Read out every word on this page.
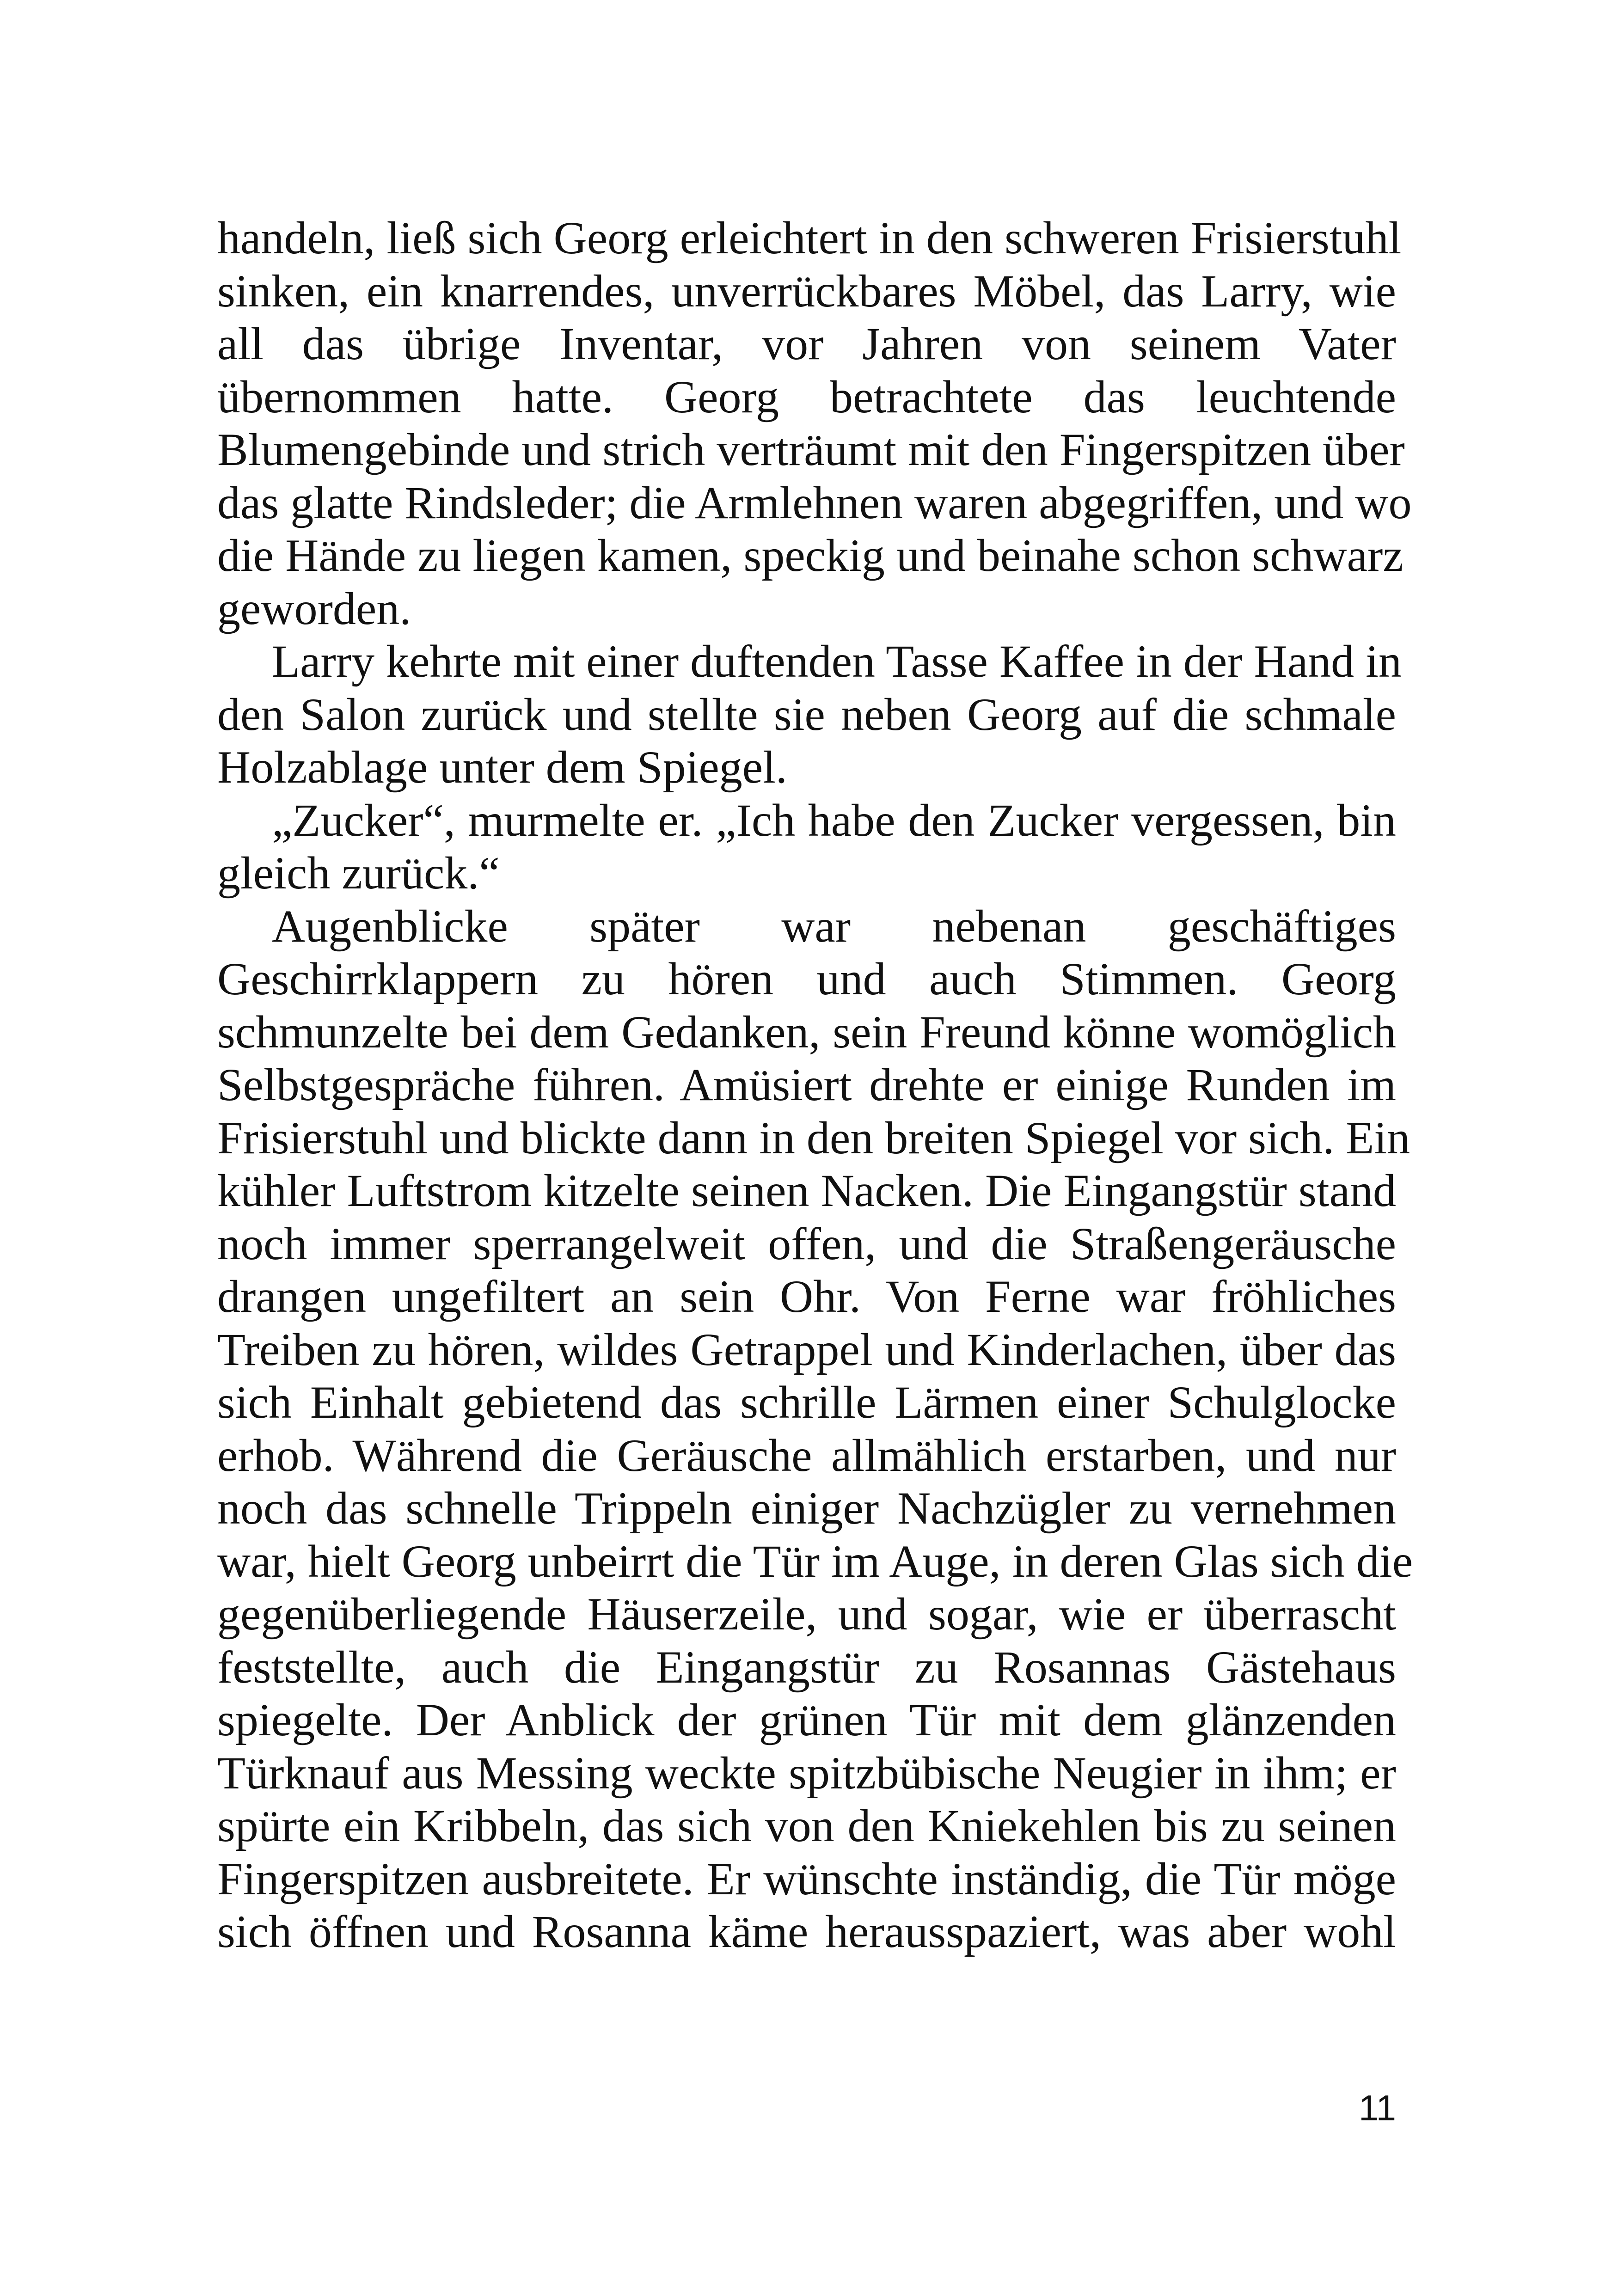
handeln, ließ sich Georg erleichtert in den schweren Frisierstuhl
sinken, ein knarrendes, unverrückbares Möbel, das Larry, wie
all das übrige Inventar, vor Jahren von seinem Vater
übernommen hatte. Georg betrachtete das leuchtende
Blumengebinde und strich verträumt mit den Fingerspitzen über
das glatte Rindsleder; die Armlehnen waren abgegriffen, und wo
die Hände zu liegen kamen, speckig und beinahe schon schwarz
geworden.

Larry kehrte mit einer duftenden Tasse Kaffee in der Hand in
den Salon zurück und stellte sie neben Georg auf die schmale
Holzablage unter dem Spiegel.

„Zucker“, murmelte er. „Ich habe den Zucker vergessen, bin
gleich zurück.“

Augenblicke später war nebenan geschäftiges
Geschirrklappern zu hören und auch Stimmen. Georg
schmunzelte bei dem Gedanken, sein Freund könne womöglich
Selbstgespräche führen. Amüsiert drehte er einige Runden im
Frisierstuhl und blickte dann in den breiten Spiegel vor sich. Ein
kühler Luftstrom kitzelte seinen Nacken. Die Eingangstür stand
noch immer sperrangelweit offen, und die Straßengeräusche
drangen ungefiltert an sein Ohr. Von Ferne war fröhliches
Treiben zu hören, wildes Getrappel und Kinderlachen, über das
sich Einhalt gebietend das schrille Lärmen einer Schulglocke
erhob. Während die Geräusche allmählich erstarben, und nur
noch das schnelle Trippeln einiger Nachzügler zu vernehmen
war, hielt Georg unbeirrt die Tür im Auge, in deren Glas sich die
gegenüberliegende Häuserzeile, und sogar, wie er überrascht
feststellte, auch die Eingangstür zu Rosannas Gästehaus
spiegelte. Der Anblick der grünen Tür mit dem glänzenden
Türknauf aus Messing weckte spitzbübische Neugier in ihm; er
spürte ein Kribbeln, das sich von den Kniekehlen bis zu seinen
Fingerspitzen ausbreitete. Er wünschte inständig, die Tür möge
sich öffnen und Rosanna käme herausspaziert, was aber wohl

11
